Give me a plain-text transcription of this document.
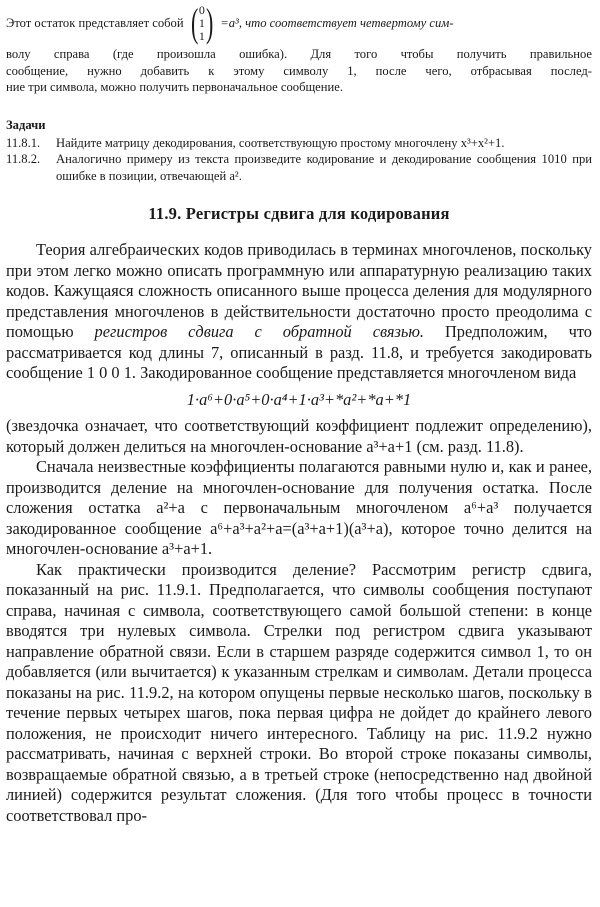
Этот остаток представляет собой ( 0
1
1 ) =a³, что соответствует четвертому сим-

волу справа (где произошла ошибка). Для того чтобы получить правильное

сообщение, нужно добавить к этому символу 1, после чего, отбрасывая послед-

ние три символа, можно получить первоначальное сообщение.

Задачи
11.8.1.	Найдите матрицу декодирования, соответствующую простому многочлену x³+x²+1.
11.8.2.	Аналогично примеру из текста произведите кодирование и декодирование сообщения 1010 при ошибке в позиции, отвечающей a².
11.9. Регистры сдвига для кодирования

Теория алгебраических кодов приводилась в терминах многочленов, поскольку при этом легко можно описать программную или аппаратурную реализацию таких кодов. Кажущаяся сложность описанного выше процесса деления для модулярного представления многочленов в действительности достаточно просто преодолима с помощью регистров сдвига с обратной связью. Предположим, что рассматривается код длины 7, описанный в разд. 11.8, и требуется закодировать сообщение 1 0 0 1. Закодированное сообщение представляется многочленом вида

1·a⁶+0·a⁵+0·a⁴+1·a³+*a²+*a+*1

(звездочка означает, что соответствующий коэффициент подлежит определению), который должен делиться на многочлен-основание a³+a+1 (см. разд. 11.8).

Сначала неизвестные коэффициенты полагаются равными нулю и, как и ранее, производится деление на многочлен-основание для получения остатка. После сложения остатка a²+a с первоначальным многочленом a⁶+a³ получается закодированное сообщение a⁶+a³+a²+a=(a³+a+1)(a³+a), которое точно делится на многочлен-основание a³+a+1.

Как практически производится деление? Рассмотрим регистр сдвига, показанный на рис. 11.9.1. Предполагается, что символы сообщения поступают справа, начиная с символа, соответствующего самой большой степени: в конце вводятся три нулевых символа. Стрелки под регистром сдвига указывают направление обратной связи. Если в старшем разряде содержится символ 1, то он добавляется (или вычитается) к указанным стрелкам и символам. Детали процесса показаны на рис. 11.9.2, на котором опущены первые несколько шагов, поскольку в течение первых четырех шагов, пока первая цифра не дойдет до крайнего левого положения, не происходит ничего интересного. Таблицу на рис. 11.9.2 нужно рассматривать, начиная с верхней строки. Во второй строке показаны символы, возвращаемые обратной связью, а в третьей строке (непосредственно над двойной линией) содержится результат сложения. (Для того чтобы процесс в точности соответствовал про-
